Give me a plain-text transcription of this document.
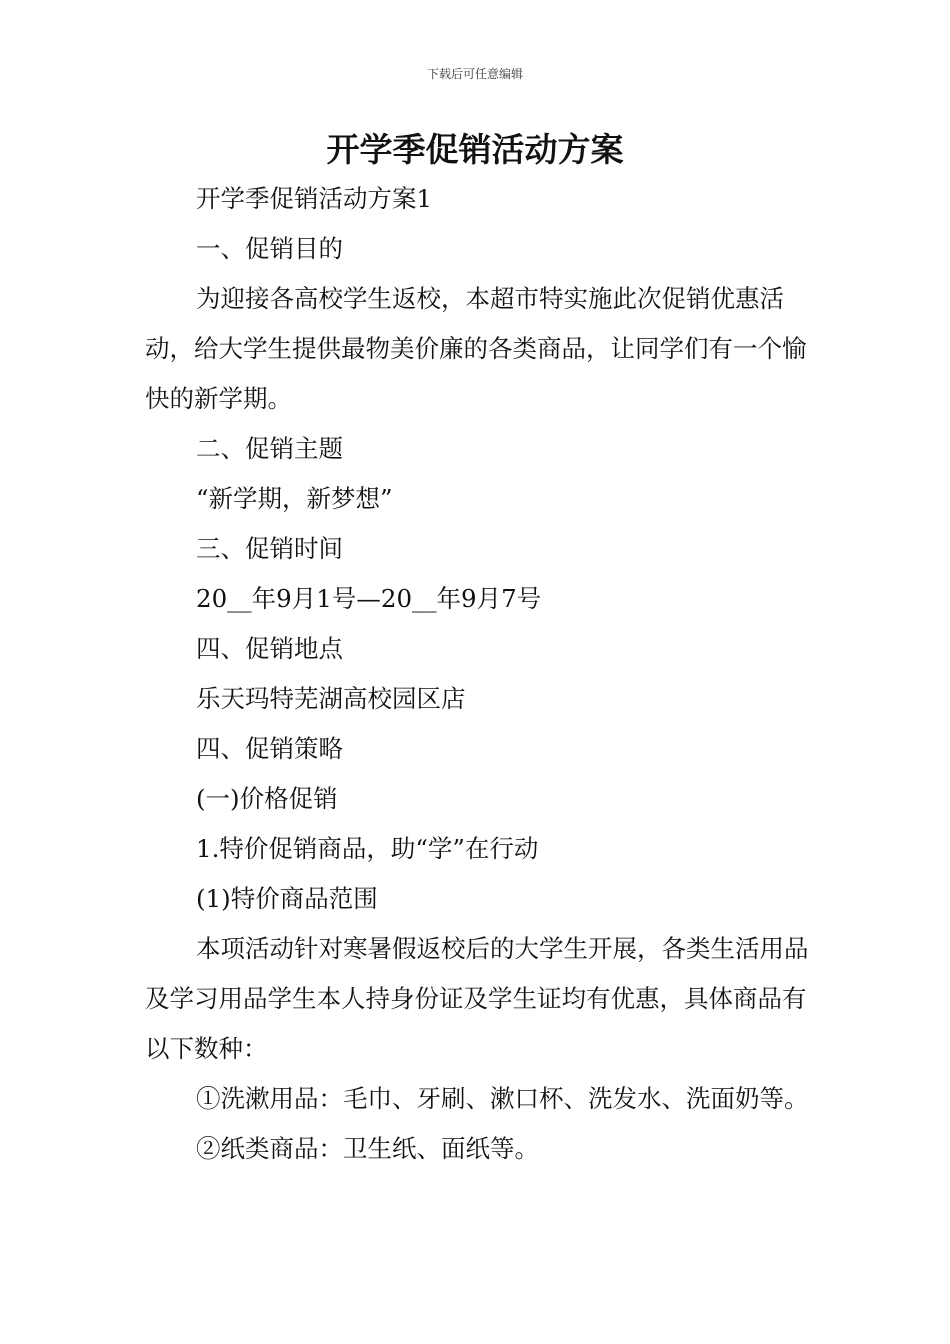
下载后可任意编辑
开学季促销活动方案

开学季促销活动方案1

一、促销目的

为迎接各高校学生返校，本超市特实施此次促销优惠活动，给大学生提供最物美价廉的各类商品，让同学们有一个愉快的新学期。

二、促销主题

“新学期，新梦想”

三、促销时间

20__年9月1号—20__年9月7号

四、促销地点

乐天玛特芜湖高校园区店

四、促销策略

(一)价格促销

1.特价促销商品，助“学”在行动

(1)特价商品范围

本项活动针对寒暑假返校后的大学生开展，各类生活用品及学习用品学生本人持身份证及学生证均有优惠，具体商品有以下数种：

①洗漱用品：毛巾、牙刷、漱口杯、洗发水、洗面奶等。

②纸类商品：卫生纸、面纸等。
